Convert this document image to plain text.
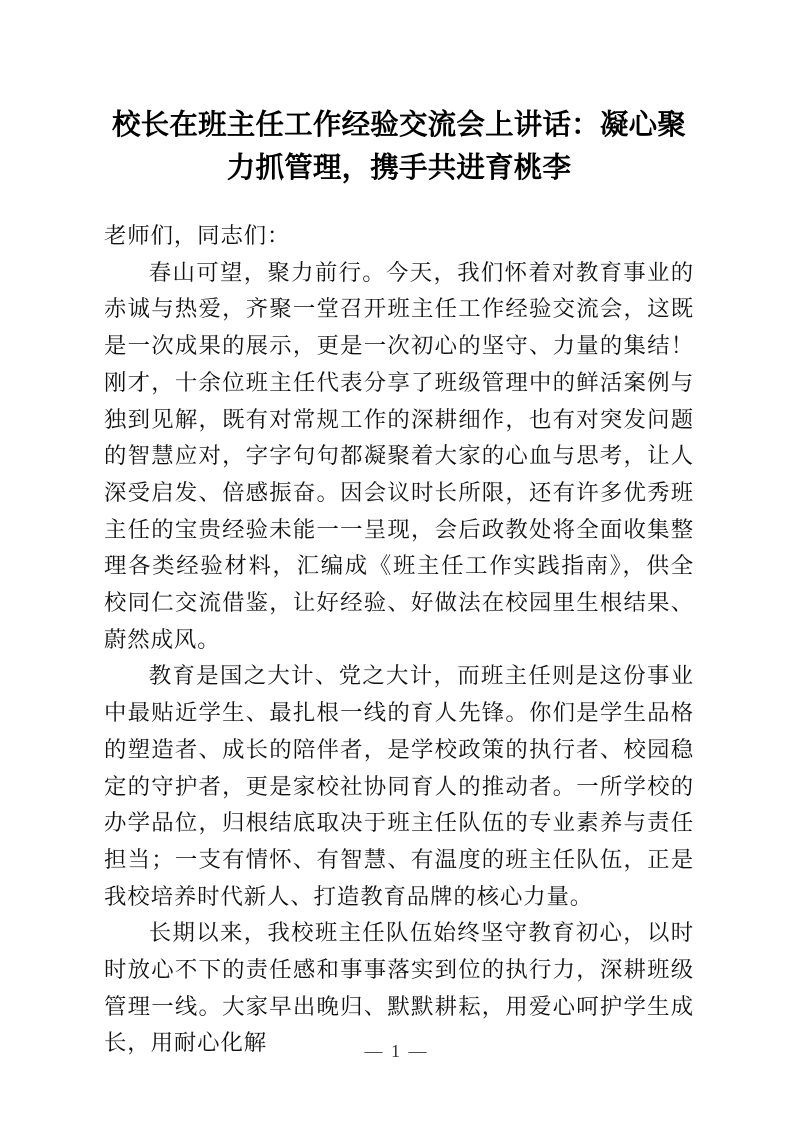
校长在班主任工作经验交流会上讲话：凝心聚力抓管理，携手共进育桃李

老师们，同志们：

春山可望，聚力前行。今天，我们怀着对教育事业的赤诚与热爱，齐聚一堂召开班主任工作经验交流会，这既是一次成果的展示，更是一次初心的坚守、力量的集结！刚才，十余位班主任代表分享了班级管理中的鲜活案例与独到见解，既有对常规工作的深耕细作，也有对突发问题的智慧应对，字字句句都凝聚着大家的心血与思考，让人深受启发、倍感振奋。因会议时长所限，还有许多优秀班主任的宝贵经验未能一一呈现，会后政教处将全面收集整理各类经验材料，汇编成《班主任工作实践指南》，供全校同仁交流借鉴，让好经验、好做法在校园里生根结果、蔚然成风。

教育是国之大计、党之大计，而班主任则是这份事业中最贴近学生、最扎根一线的育人先锋。你们是学生品格的塑造者、成长的陪伴者，是学校政策的执行者、校园稳定的守护者，更是家校社协同育人的推动者。一所学校的办学品位，归根结底取决于班主任队伍的专业素养与责任担当；一支有情怀、有智慧、有温度的班主任队伍，正是我校培养时代新人、打造教育品牌的核心力量。

长期以来，我校班主任队伍始终坚守教育初心，以时时放心不下的责任感和事事落实到位的执行力，深耕班级管理一线。大家早出晚归、默默耕耘，用爱心呵护学生成长，用耐心化解	— 1 —
